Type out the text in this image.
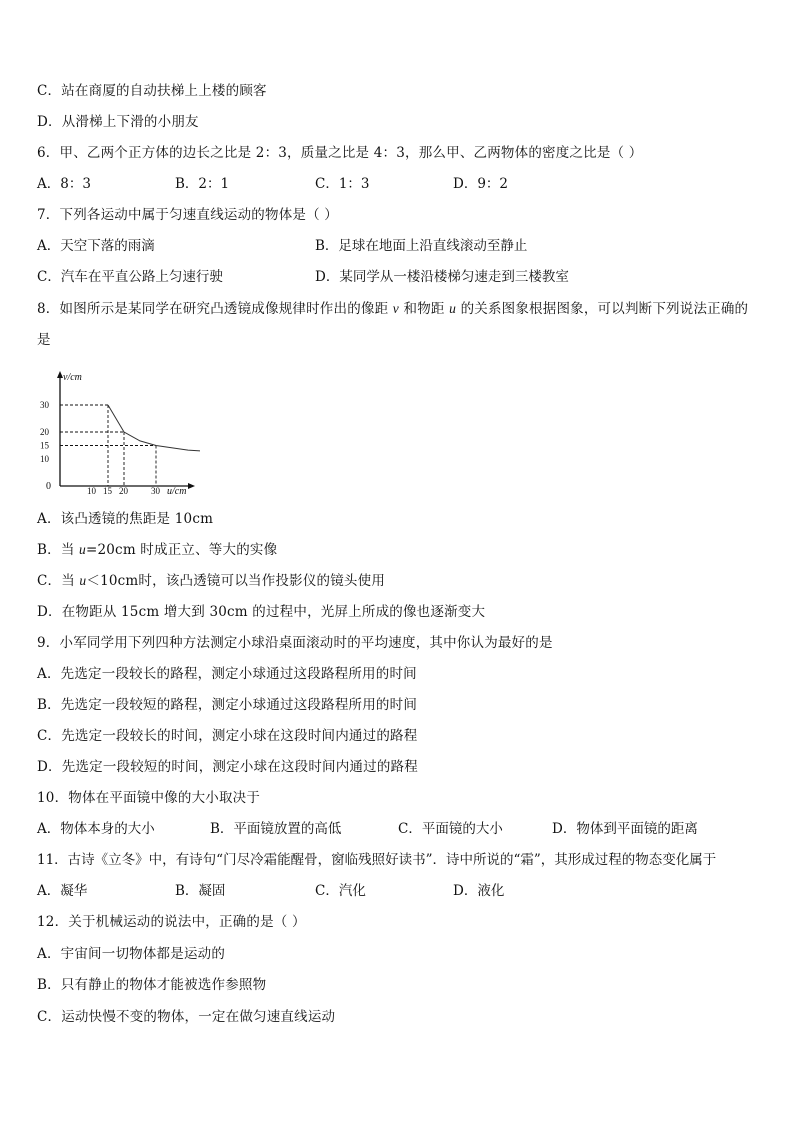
C．站在商厦的自动扶梯上上楼的顾客
D．从滑梯上下滑的小朋友
6．甲、乙两个正方体的边长之比是 2：3，质量之比是 4：3，那么甲、乙两物体的密度之比是（ ）
A．8：3	B．2：1	C．1：3	D．9：2
7．下列各运动中属于匀速直线运动的物体是（ ）
A．天空下落的雨滴	B．足球在地面上沿直线滚动至静止
C．汽车在平直公路上匀速行驶	D．某同学从一楼沿楼梯匀速走到三楼教室
8．如图所示是某同学在研究凸透镜成像规律时作出的像距 v 和物距 u 的关系图象根据图象，可以判断下列说法正确的
是
10 15 20	30
30
20
15
10
v/cm
u/cm
0
A．该凸透镜的焦距是 10cm
B．当 u=20cm 时成正立、等大的实像
C．当 u＜10cm时，该凸透镜可以当作投影仪的镜头使用
D．在物距从 15cm 增大到 30cm 的过程中，光屏上所成的像也逐渐变大
9．小军同学用下列四种方法测定小球沿桌面滚动时的平均速度，其中你认为最好的是
A．先选定一段较长的路程，测定小球通过这段路程所用的时间
B．先选定一段较短的路程，测定小球通过这段路程所用的时间
C．先选定一段较长的时间，测定小球在这段时间内通过的路程
D．先选定一段较短的时间，测定小球在这段时间内通过的路程
10．物体在平面镜中像的大小取决于
A．物体本身的大小	B．平面镜放置的高低	C．平面镜的大小	D．物体到平面镜的距离
11．古诗《立冬》中，有诗句“门尽冷霜能醒骨，窗临残照好读书”．诗中所说的“霜”，其形成过程的物态变化属于
A．凝华	B．凝固	C．汽化	D．液化
12．关于机械运动的说法中，正确的是（ ）
A．宇宙间一切物体都是运动的
B．只有静止的物体才能被选作参照物
C．运动快慢不变的物体，一定在做匀速直线运动
